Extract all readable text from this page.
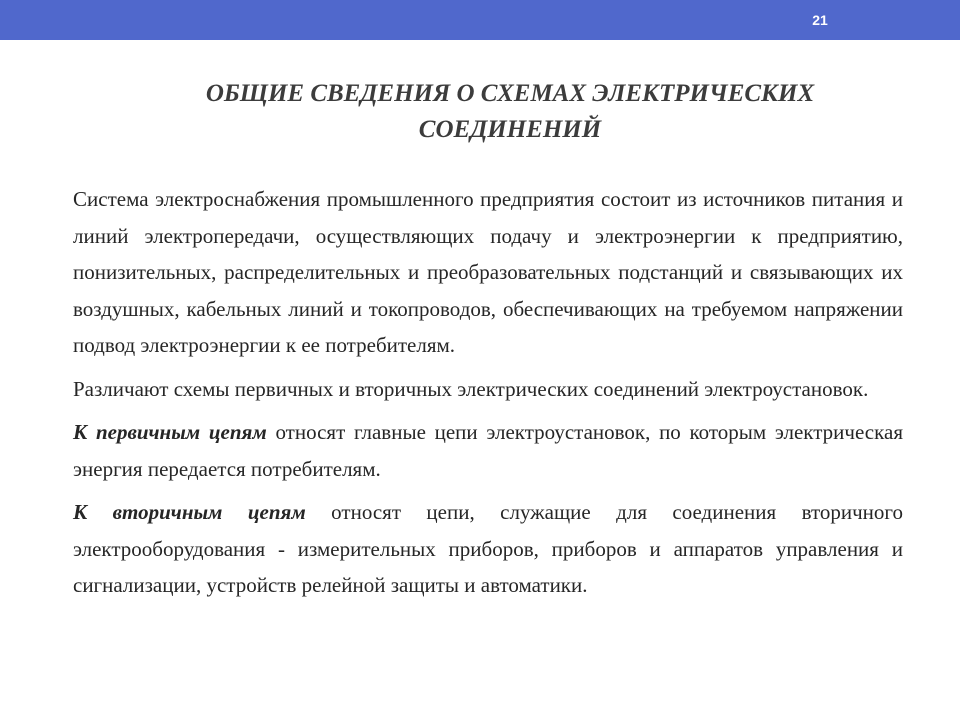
21
ОБЩИЕ СВЕДЕНИЯ О СХЕМАХ ЭЛЕКТРИЧЕСКИХ
СОЕДИНЕНИЙ

Система электроснабжения промышленного предприятия состоит из источников питания и линий электропередачи, осуществляющих подачу и электроэнергии к предприятию, понизительных, распределительных и преобразовательных подстанций и связывающих их воздушных, кабельных линий и токопроводов, обеспечивающих на требуемом напряжении подвод электроэнергии к ее потребителям.

Различают схемы первичных и вторичных электрических соединений электроустановок.

К первичным цепям относят главные цепи электроустановок, по которым электрическая энергия передается потребителям.

К вторичным цепям относят цепи, служащие для соединения вторичного электрооборудования - измерительных приборов, приборов и аппаратов управления и сигнализации, устройств релейной защиты и автоматики.
